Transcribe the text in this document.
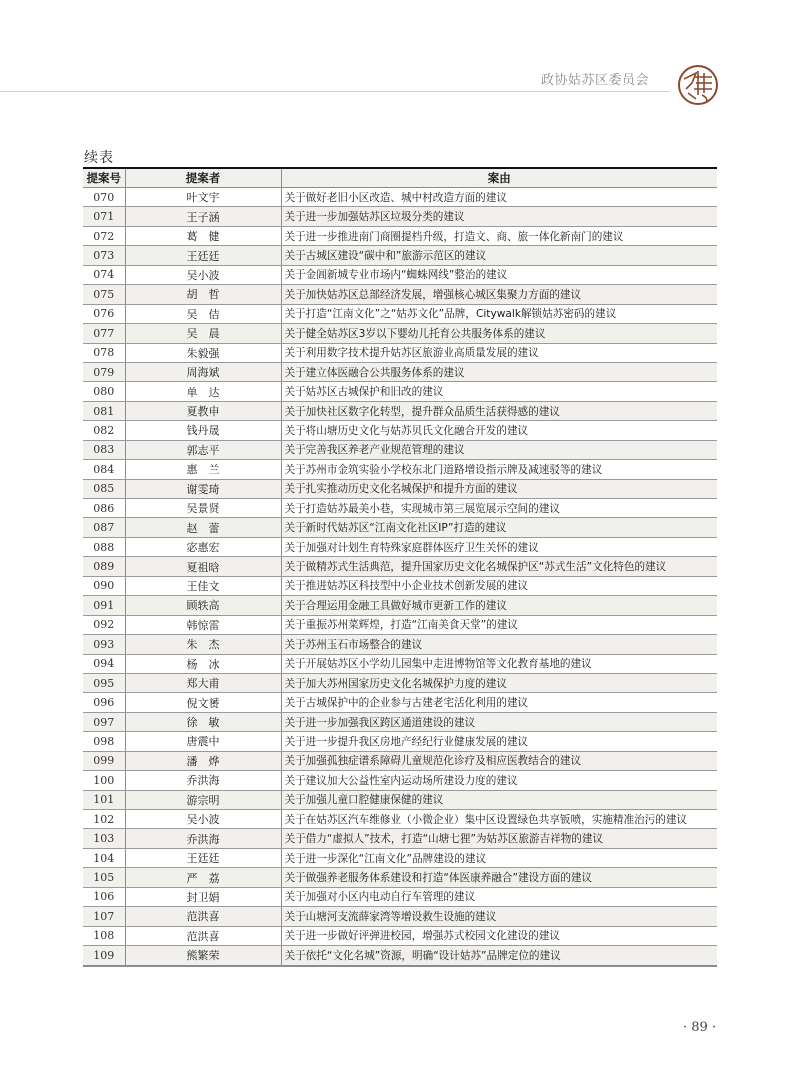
政协姑苏区委员会
续表
提案号	提案者	案由
070	叶文宇	关于做好老旧小区改造、城中村改造方面的建议
071	王子涵	关于进一步加强姑苏区垃圾分类的建议
072	葛　健	关于进一步推进南门商圈提档升级，打造文、商、旅一体化新南门的建议
073	王廷廷	关于古城区建设“碳中和”旅游示范区的建议
074	吴小波	关于金阊新城专业市场内“蜘蛛网线”整治的建议
075	胡　哲	关于加快姑苏区总部经济发展，增强核心城区集聚力方面的建议
076	吴　佶	关于打造“江南文化”之“姑苏文化”品牌，Citywalk解锁姑苏密码的建议
077	吴　晨	关于健全姑苏区3岁以下婴幼儿托育公共服务体系的建议
078	朱毅强	关于利用数字技术提升姑苏区旅游业高质量发展的建议
079	周海斌	关于建立体医融合公共服务体系的建议
080	单　达	关于姑苏区古城保护和旧改的建议
081	夏教申	关于加快社区数字化转型，提升群众品质生活获得感的建议
082	钱丹晟	关于将山塘历史文化与姑苏贝氏文化融合开发的建议
083	郭志平	关于完善我区养老产业规范管理的建议
084	惠　兰	关于苏州市金筑实验小学校东北门道路增设指示牌及减速驳等的建议
085	谢雯琦	关于扎实推动历史文化名城保护和提升方面的建议
086	吴景贤	关于打造姑苏最美小巷，实现城市第三展览展示空间的建议
087	赵　蕾	关于新时代姑苏区“江南文化社区IP”打造的建议
088	宓惠宏	关于加强对计划生育特殊家庭群体医疗卫生关怀的建议
089	夏祖晗	关于做精苏式生活典范，提升国家历史文化名城保护区“苏式生活”文化特色的建议
090	王佳文	关于推进姑苏区科技型中小企业技术创新发展的建议
091	顾轶高	关于合理运用金融工具做好城市更新工作的建议
092	韩惊雷	关于重振苏州菜辉煌，打造“江南美食天堂”的建议
093	朱　杰	关于苏州玉石市场整合的建议
094	杨　冰	关于开展姑苏区小学幼儿园集中走进博物馆等文化教育基地的建议
095	郑大甫	关于加大苏州国家历史文化名城保护力度的建议
096	倪文赟	关于古城保护中的企业参与古建老宅活化利用的建议
097	徐　敏	关于进一步加强我区跨区通道建设的建议
098	唐震中	关于进一步提升我区房地产经纪行业健康发展的建议
099	潘　烨	关于加强孤独症谱系障碍儿童规范化诊疗及相应医教结合的建议
100	乔洪海	关于建议加大公益性室内运动场所建设力度的建议
101	游宗明	关于加强儿童口腔健康保健的建议
102	吴小波	关于在姑苏区汽车维修业（小微企业）集中区设置绿色共享钣喷，实施精准治污的建议
103	乔洪海	关于借力“虚拟人”技术，打造“山塘七狸”为姑苏区旅游吉祥物的建议
104	王廷廷	关于进一步深化“江南文化”品牌建设的建议
105	严　荔	关于做强养老服务体系建设和打造“体医康养融合”建设方面的建议
106	封卫娟	关于加强对小区内电动自行车管理的建议
107	范洪喜	关于山塘河支流薛家湾等增设救生设施的建议
108	范洪喜	关于进一步做好评弹进校园，增强苏式校园文化建设的建议
109	熊繁荣	关于依托“文化名城”资源，明确“设计姑苏”品牌定位的建议
· 89 ·
